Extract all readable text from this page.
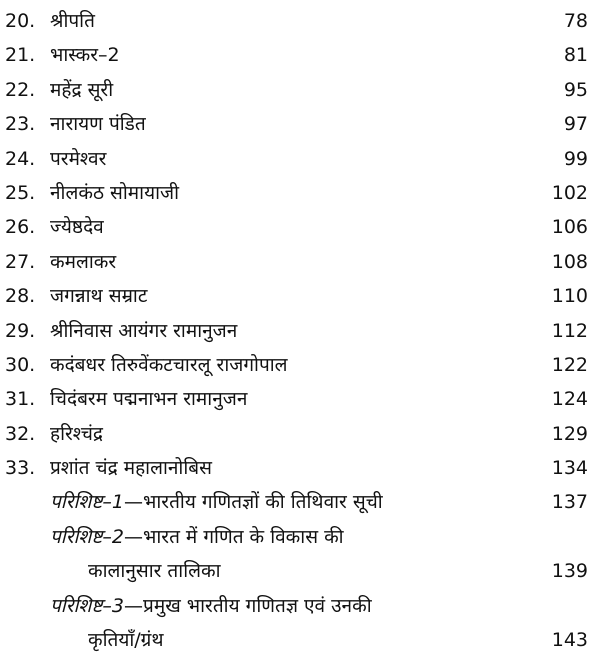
20. श्रीपति	78
21. भास्कर–2	81
22. महेंद्र सूरी	95
23. नारायण पंडित	97
24. परमेश्वर	99
25. नीलकंठ सोमायाजी	102
26. ज्येष्ठदेव	106
27. कमलाकर	108
28. जगन्नाथ सम्राट	110
29. श्रीनिवास आयंगर रामानुजन	112
30. कदंबधर तिरुवेंकटचारलू राजगोपाल	122
31. चिदंबरम पद्मनाभन रामानुजन	124
32. हरिश्चंद्र	129
33. प्रशांत चंद्र महालानोबिस	134
परिशिष्ट–1—भारतीय गणितज्ञों की तिथिवार सूची	137
परिशिष्ट–2—भारत में गणित के विकास की
कालानुसार तालिका	139
परिशिष्ट–3—प्रमुख भारतीय गणितज्ञ एवं उनकी
कृतियाँ/ग्रंथ	143
